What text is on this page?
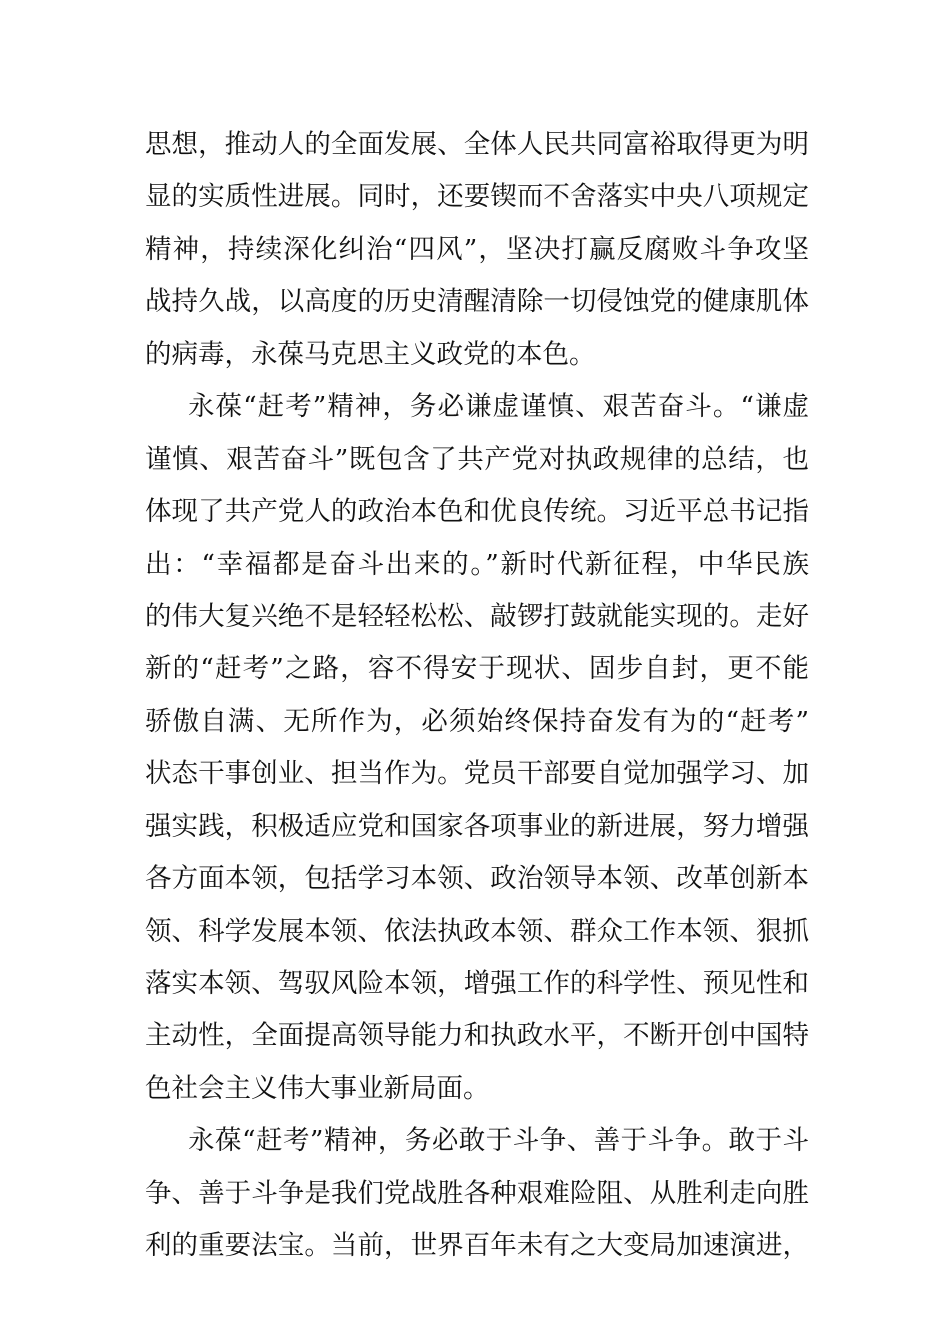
思想，推动人的全面发展、全体人民共同富裕取得更为明
显的实质性进展。同时，还要锲而不舍落实中央八项规定
精神，持续深化纠治“四风”，坚决打赢反腐败斗争攻坚
战持久战，以高度的历史清醒清除一切侵蚀党的健康肌体
的病毒，永葆马克思主义政党的本色。
永葆“赶考”精神，务必谦虚谨慎、艰苦奋斗。“谦虚
谨慎、艰苦奋斗”既包含了共产党对执政规律的总结，也
体现了共产党人的政治本色和优良传统。习近平总书记指
出：“幸福都是奋斗出来的。”新时代新征程，中华民族
的伟大复兴绝不是轻轻松松、敲锣打鼓就能实现的。走好
新的“赶考”之路，容不得安于现状、固步自封，更不能
骄傲自满、无所作为，必须始终保持奋发有为的“赶考”
状态干事创业、担当作为。党员干部要自觉加强学习、加
强实践，积极适应党和国家各项事业的新进展，努力增强
各方面本领，包括学习本领、政治领导本领、改革创新本
领、科学发展本领、依法执政本领、群众工作本领、狠抓
落实本领、驾驭风险本领，增强工作的科学性、预见性和
主动性，全面提高领导能力和执政水平，不断开创中国特
色社会主义伟大事业新局面。
永葆“赶考”精神，务必敢于斗争、善于斗争。敢于斗
争、善于斗争是我们党战胜各种艰难险阻、从胜利走向胜
利的重要法宝。当前，世界百年未有之大变局加速演进，
